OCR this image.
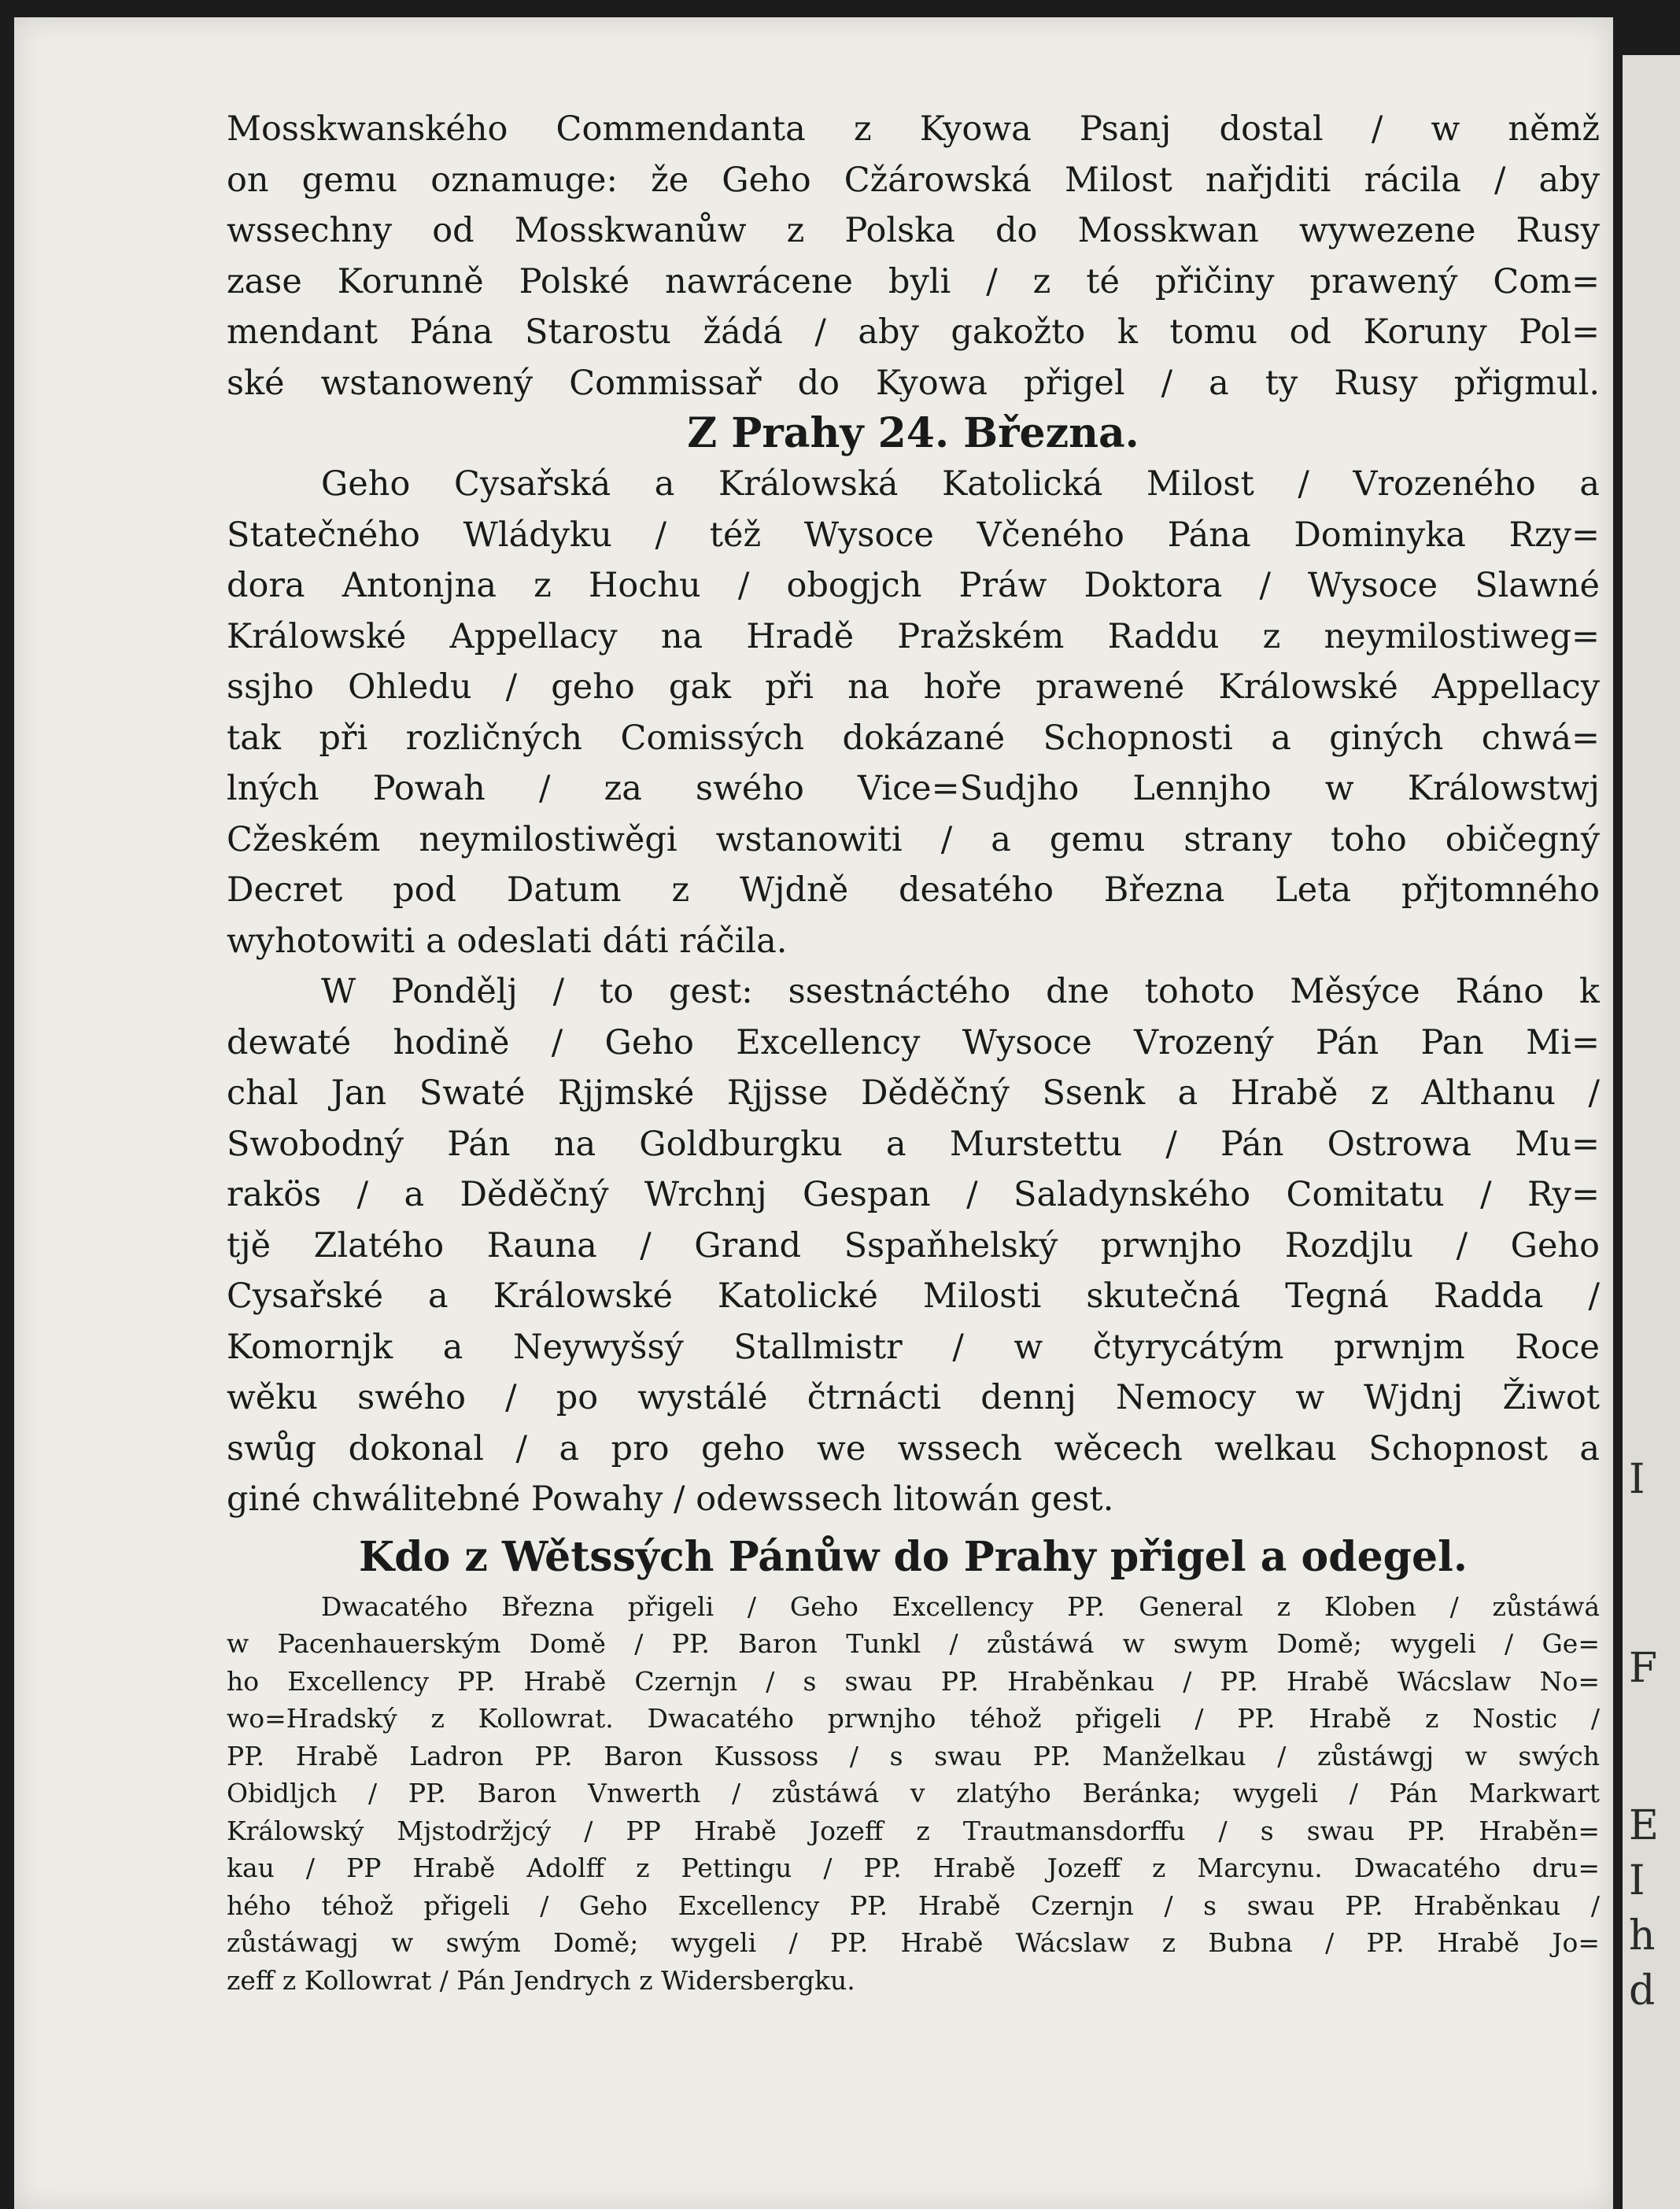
Mosskwanského Commendanta z Kyowa Psanj dostal / w němž
on gemu oznamuge: že Geho Cžárowská Milost nařjditi rácila / aby
wssechny od Mosskwanůw z Polska do Mosskwan wywezene Rusy
zase Korunně Polské nawrácene byli / z té přičiny prawený Com=
mendant Pána Starostu žádá / aby gakožto k tomu od Koruny Pol=
ské wstanowený Commissař do Kyowa přigel / a ty Rusy přigmul.
Z Prahy 24. Března.
Geho Cysařská a Králowská Katolická Milost / Vrozeného a
Statečného Wládyku / též Wysoce Včeného Pána Dominyka Rzy=
dora Antonjna z Hochu / obogjch Práw Doktora / Wysoce Slawné
Králowské Appellacy na Hradě Pražském Raddu z neymilostiweg=
ssjho Ohledu / geho gak při na hoře prawené Králowské Appellacy
tak při rozličných Comissých dokázané Schopnosti a giných chwá=
lných Powah / za swého Vice=Sudjho Lennjho w Králowstwj
Cžeském neymilostiwěgi wstanowiti / a gemu strany toho običegný
Decret pod Datum z Wjdně desatého Března Leta přjtomného
wyhotowiti a odeslati dáti ráčila.
W Pondělj / to gest: ssestnáctého dne tohoto Měsýce Ráno k
dewaté hodině / Geho Excellency Wysoce Vrozený Pán Pan Mi=
chal Jan Swaté Rjjmské Rjjsse Děděčný Ssenk a Hrabě z Althanu /
Swobodný Pán na Goldburgku a Murstettu / Pán Ostrowa Mu=
rakös / a Děděčný Wrchnj Gespan / Saladynského Comitatu / Ry=
tjě Zlatého Rauna / Grand Sspaňhelský prwnjho Rozdjlu / Geho
Cysařské a Králowské Katolické Milosti skutečná Tegná Radda /
Komornjk a Neywyšsý Stallmistr / w čtyrycátým prwnjm Roce
wěku swého / po wystálé čtrnácti dennj Nemocy w Wjdnj Žiwot
swůg dokonal / a pro geho we wssech wěcech welkau Schopnost a
giné chwálitebné Powahy / odewssech litowán gest.
Kdo z Wětssých Pánůw do Prahy přigel a odegel.
Dwacatého Března přigeli / Geho Excellency PP. General z Kloben / zůstáwá
w Pacenhauerským Domě / PP. Baron Tunkl / zůstáwá w swym Domě; wygeli / Ge=
ho Excellency PP. Hrabě Czernjn / s swau PP. Hraběnkau / PP. Hrabě Wácslaw No=
wo=Hradský z Kollowrat. Dwacatého prwnjho téhož přigeli / PP. Hrabě z Nostic /
PP. Hrabě Ladron PP. Baron Kussoss / s swau PP. Manželkau / zůstáwgj w swých
Obidljch / PP. Baron Vnwerth / zůstáwá v zlatýho Beránka; wygeli / Pán Markwart
Králowský Mjstodržjcý / PP Hrabě Jozeff z Trautmansdorffu / s swau PP. Hraběn=
kau / PP Hrabě Adolff z Pettingu / PP. Hrabě Jozeff z Marcynu. Dwacatého dru=
hého téhož přigeli / Geho Excellency PP. Hrabě Czernjn / s swau PP. Hraběnkau /
zůstáwagj w swým Domě; wygeli / PP. Hrabě Wácslaw z Bubna / PP. Hrabě Jo=
zeff z Kollowrat / Pán Jendrych z Widersbergku.
I
F
E
I
h
d
